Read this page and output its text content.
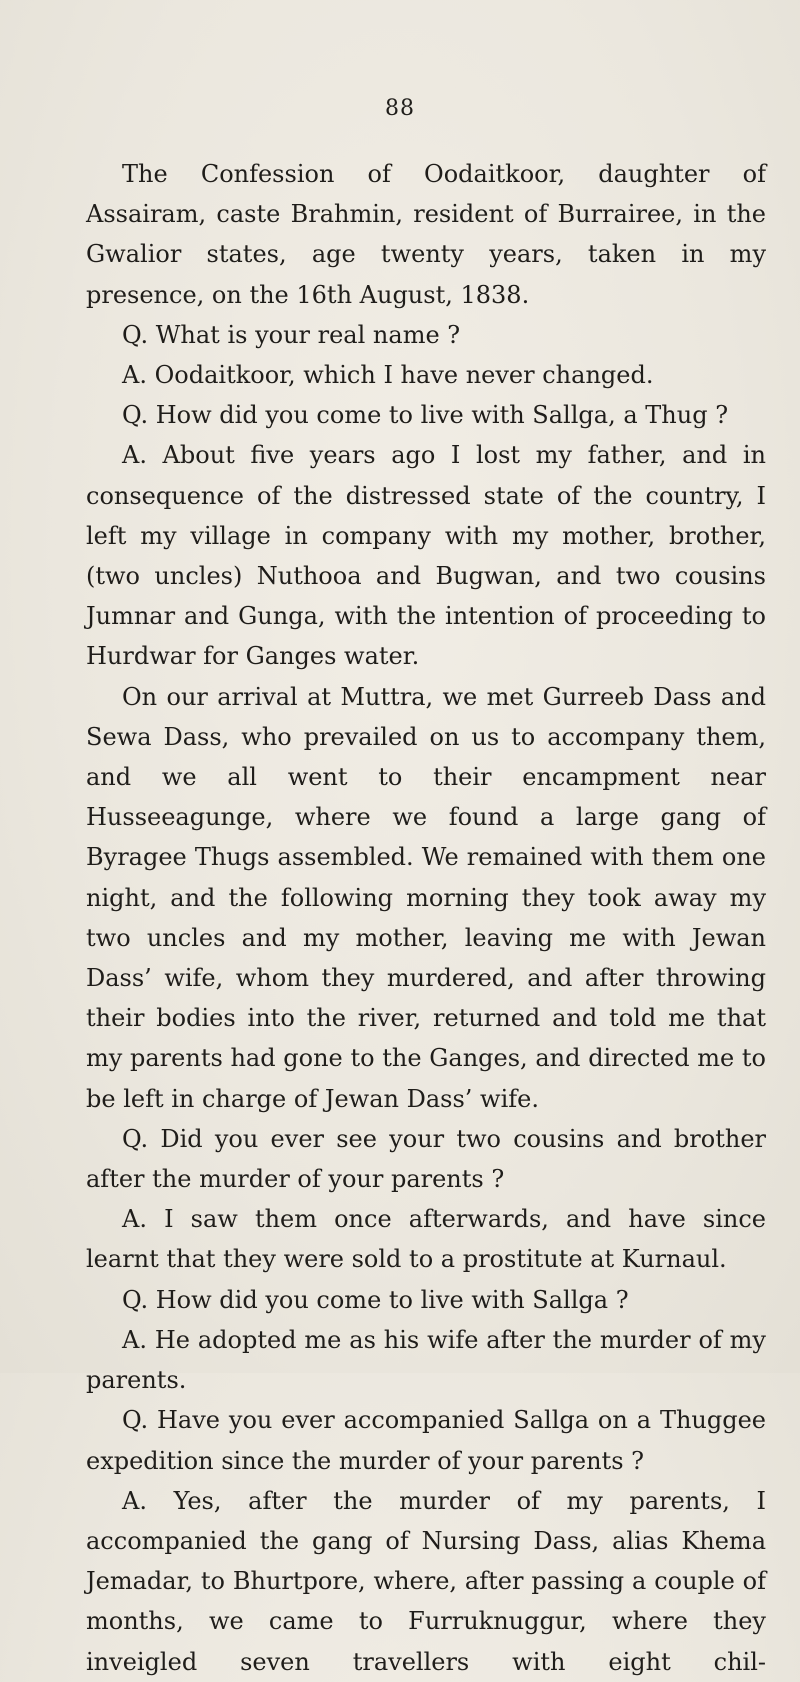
88

The Confession of Oodaitkoor, daughter of Assairam, caste Brahmin, resident of Burrairee, in the Gwalior states, age twenty years, taken in my presence, on the 16th August, 1838.

Q. What is your real name ?

A. Oodaitkoor, which I have never changed.

Q. How did you come to live with Sallga, a Thug ?

A. About five years ago I lost my father, and in consequence of the distressed state of the country, I left my village in company with my mother, brother, (two uncles) Nuthooa and Bugwan, and two cousins Jumnar and Gunga, with the intention of proceeding to Hurdwar for Ganges water.

On our arrival at Muttra, we met Gurreeb Dass and Sewa Dass, who prevailed on us to accompany them, and we all went to their encampment near Husseeagunge, where we found a large gang of Byragee Thugs assembled. We remained with them one night, and the following morning they took away my two uncles and my mother, leaving me with Jewan Dass’ wife, whom they murdered, and after throwing their bodies into the river, returned and told me that my parents had gone to the Ganges, and directed me to be left in charge of Jewan Dass’ wife.

Q. Did you ever see your two cousins and brother after the murder of your parents ?

A. I saw them once afterwards, and have since learnt that they were sold to a prostitute at Kurnaul.

Q. How did you come to live with Sallga ?

A. He adopted me as his wife after the murder of my parents.

Q. Have you ever accompanied Sallga on a Thuggee expedition since the murder of your parents ?

A. Yes, after the murder of my parents, I accompanied the gang of Nursing Dass, alias Khema Jemadar, to Bhurtpore, where, after passing a couple of months, we came to Furruknuggur, where they inveigled seven travellers with eight chil-
